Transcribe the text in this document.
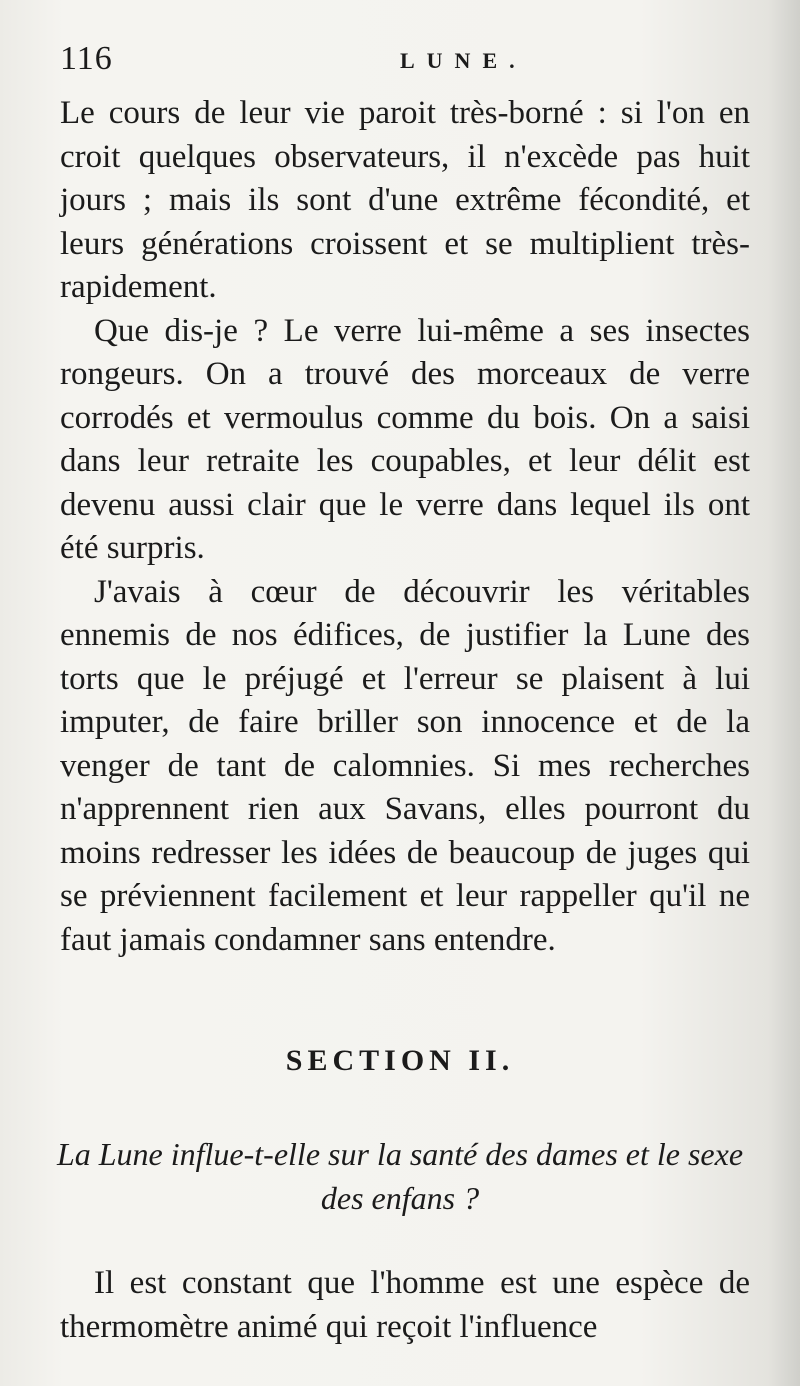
116	LUNE.

Le cours de leur vie paroit très-borné : si l'on en croit quelques observateurs, il n'excède pas huit jours ; mais ils sont d'une extrême fécondité, et leurs générations croissent et se multiplient très-rapidement.

Que dis-je ? Le verre lui-même a ses insectes rongeurs. On a trouvé des morceaux de verre corrodés et vermoulus comme du bois. On a saisi dans leur retraite les coupables, et leur délit est devenu aussi clair que le verre dans lequel ils ont été surpris.

J'avais à cœur de découvrir les véritables ennemis de nos édifices, de justifier la Lune des torts que le préjugé et l'erreur se plaisent à lui imputer, de faire briller son innocence et de la venger de tant de calomnies. Si mes recherches n'apprennent rien aux Savans, elles pourront du moins redresser les idées de beaucoup de juges qui se préviennent facilement et leur rappeller qu'il ne faut jamais condamner sans entendre.

SECTION II.
La Lune influe-t-elle sur la santé des dames et le sexe des enfans ?

Il est constant que l'homme est une espèce de thermomètre animé qui reçoit l'influence
